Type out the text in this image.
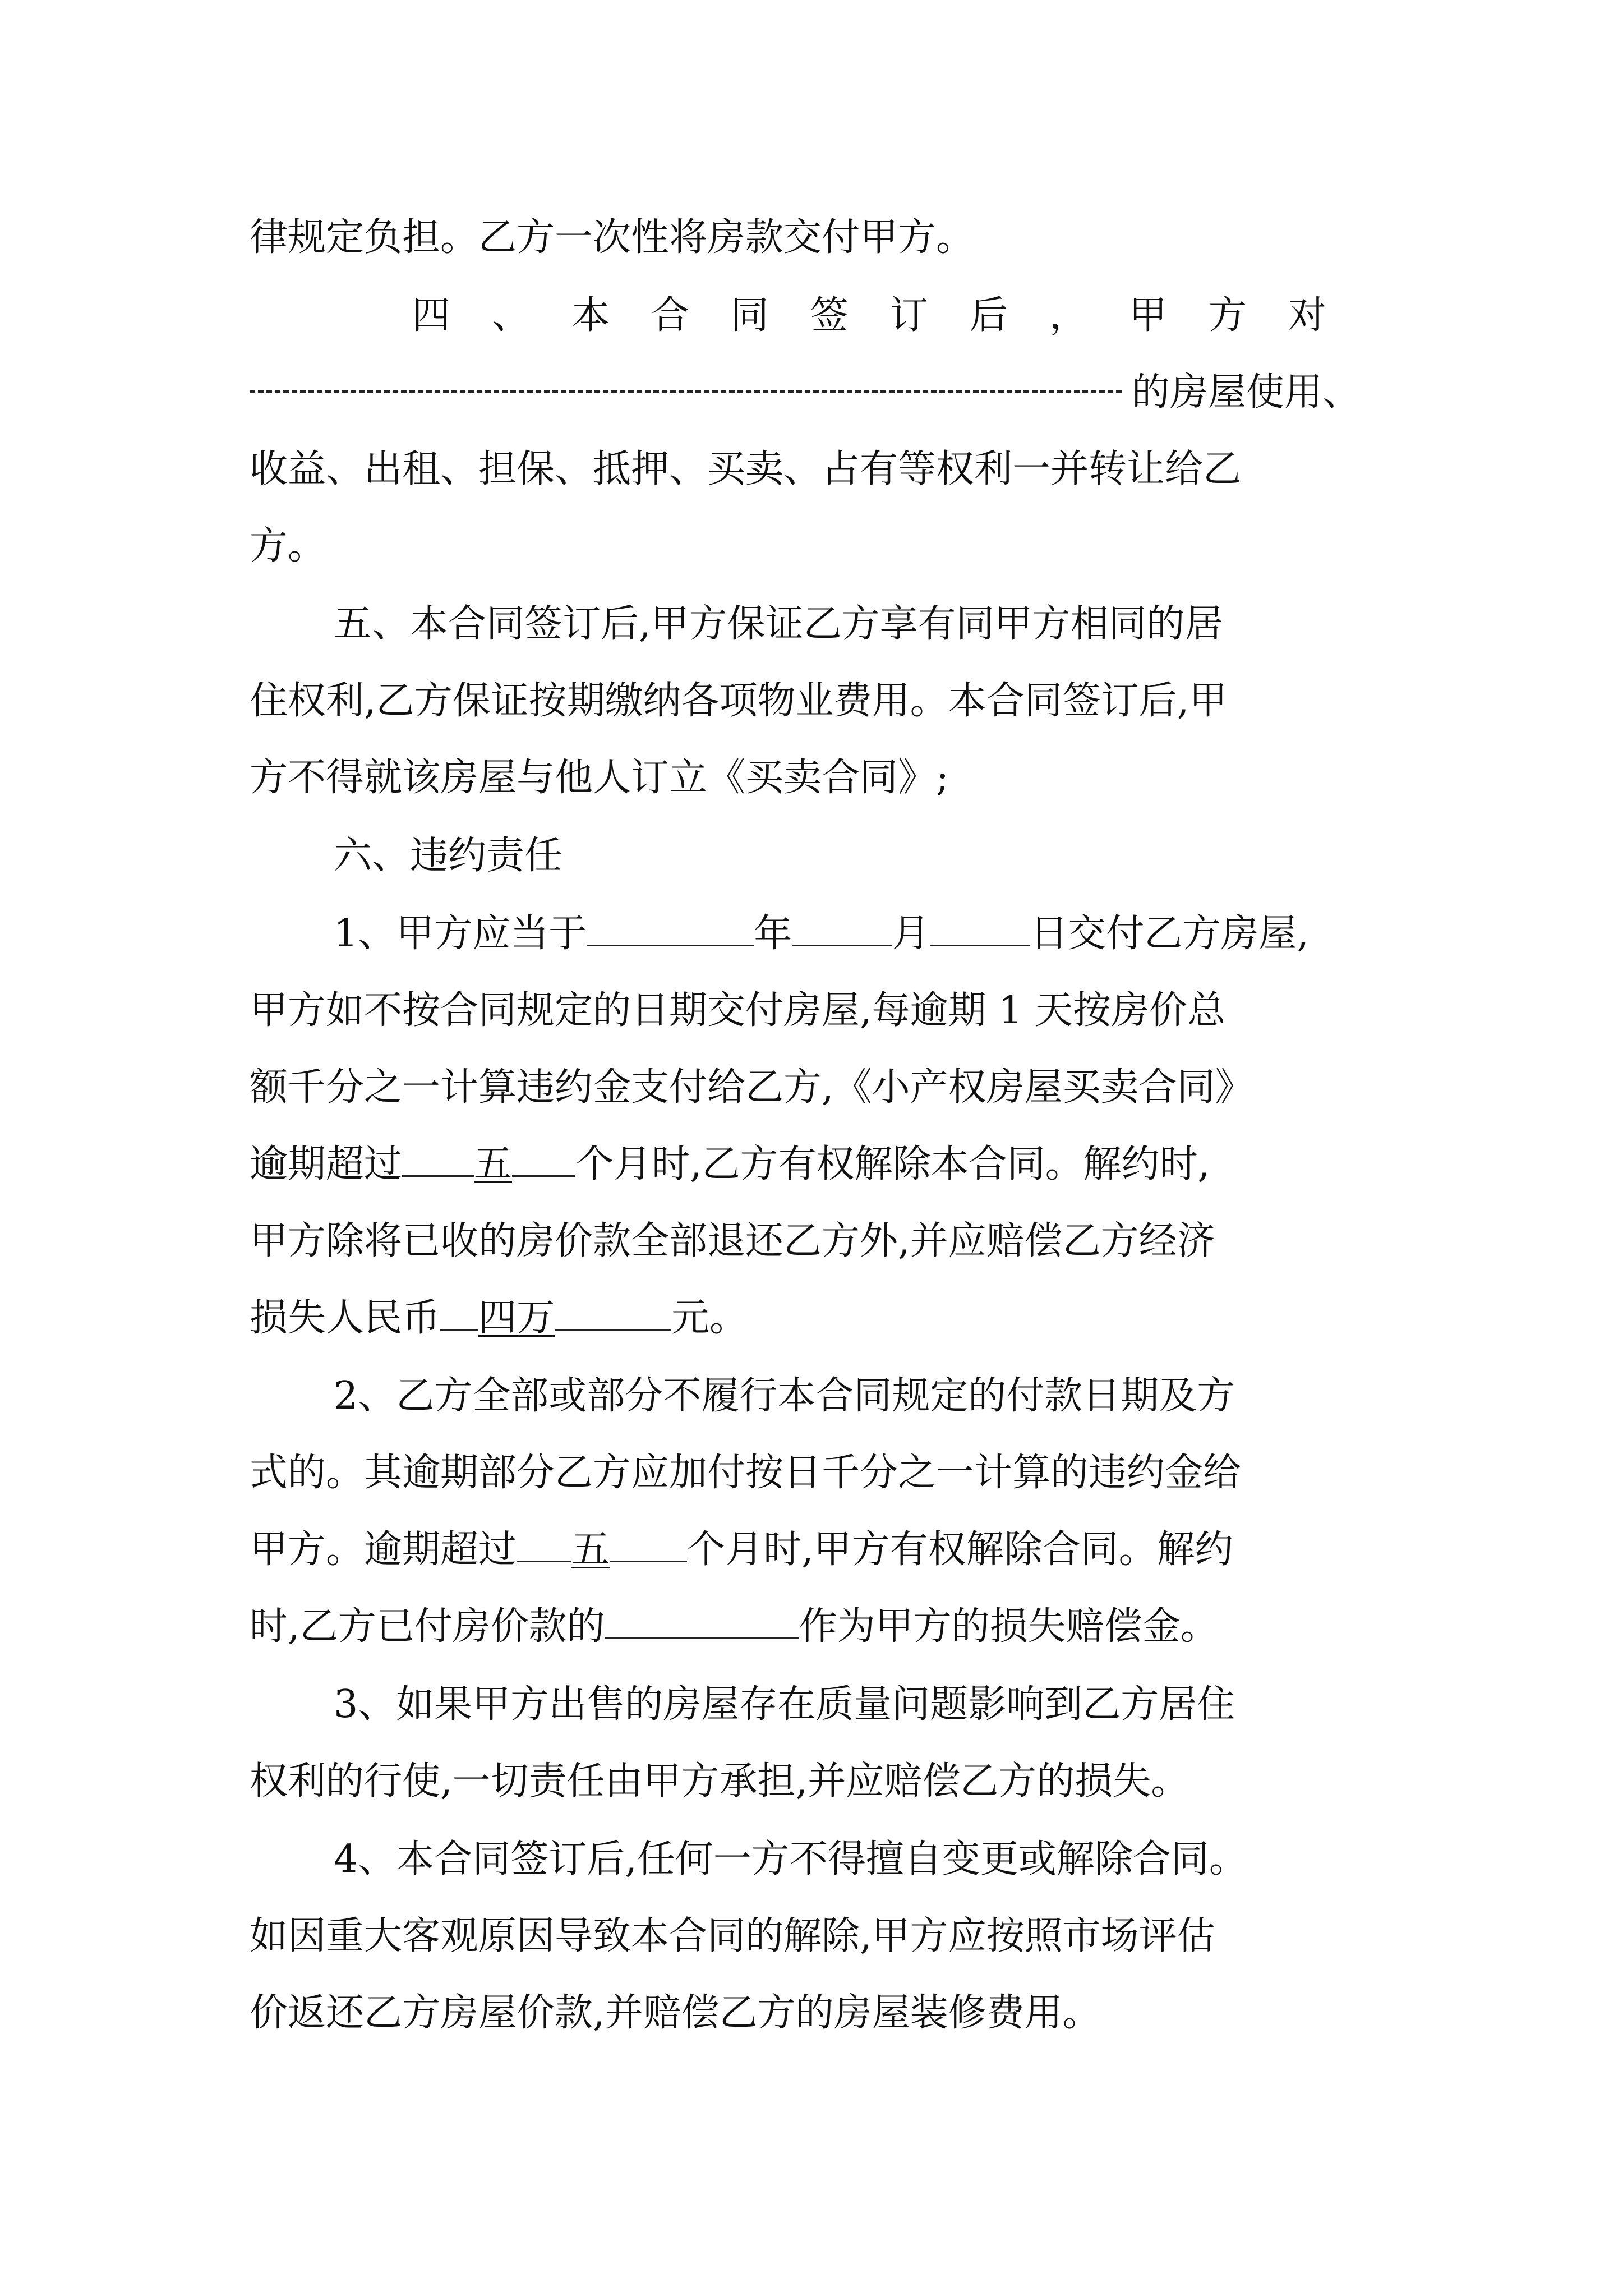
律规定负担。乙方一次性将房款交付甲方。

四、本合同签订后，甲方对
的房屋使用、
收益、出租、担保、抵押、买卖、占有等权利一并转让给乙
方。

五、本合同签订后,甲方保证乙方享有同甲方相同的居
住权利,乙方保证按期缴纳各项物业费用。本合同签订后,甲
方不得就该房屋与他人订立《买卖合同》;

六、违约责任

1、甲方应当于	年	月	日交付乙方房屋,
甲方如不按合同规定的日期交付房屋,每逾期 1 天按房价总
额千分之一计算违约金支付给乙方,《小产权房屋买卖合同》
逾期超过 五 个月时,乙方有权解除本合同。解约时,
甲方除将已收的房价款全部退还乙方外,并应赔偿乙方经济
损失人民币 四万	元。

2、乙方全部或部分不履行本合同规定的付款日期及方
式的。其逾期部分乙方应加付按日千分之一计算的违约金给
甲方。逾期超过 五 个月时,甲方有权解除合同。解约
时,乙方已付房价款的	作为甲方的损失赔偿金。

3、如果甲方出售的房屋存在质量问题影响到乙方居住
权利的行使,一切责任由甲方承担,并应赔偿乙方的损失。

4、本合同签订后,任何一方不得擅自变更或解除合同。
如因重大客观原因导致本合同的解除,甲方应按照市场评估
价返还乙方房屋价款,并赔偿乙方的房屋装修费用。
